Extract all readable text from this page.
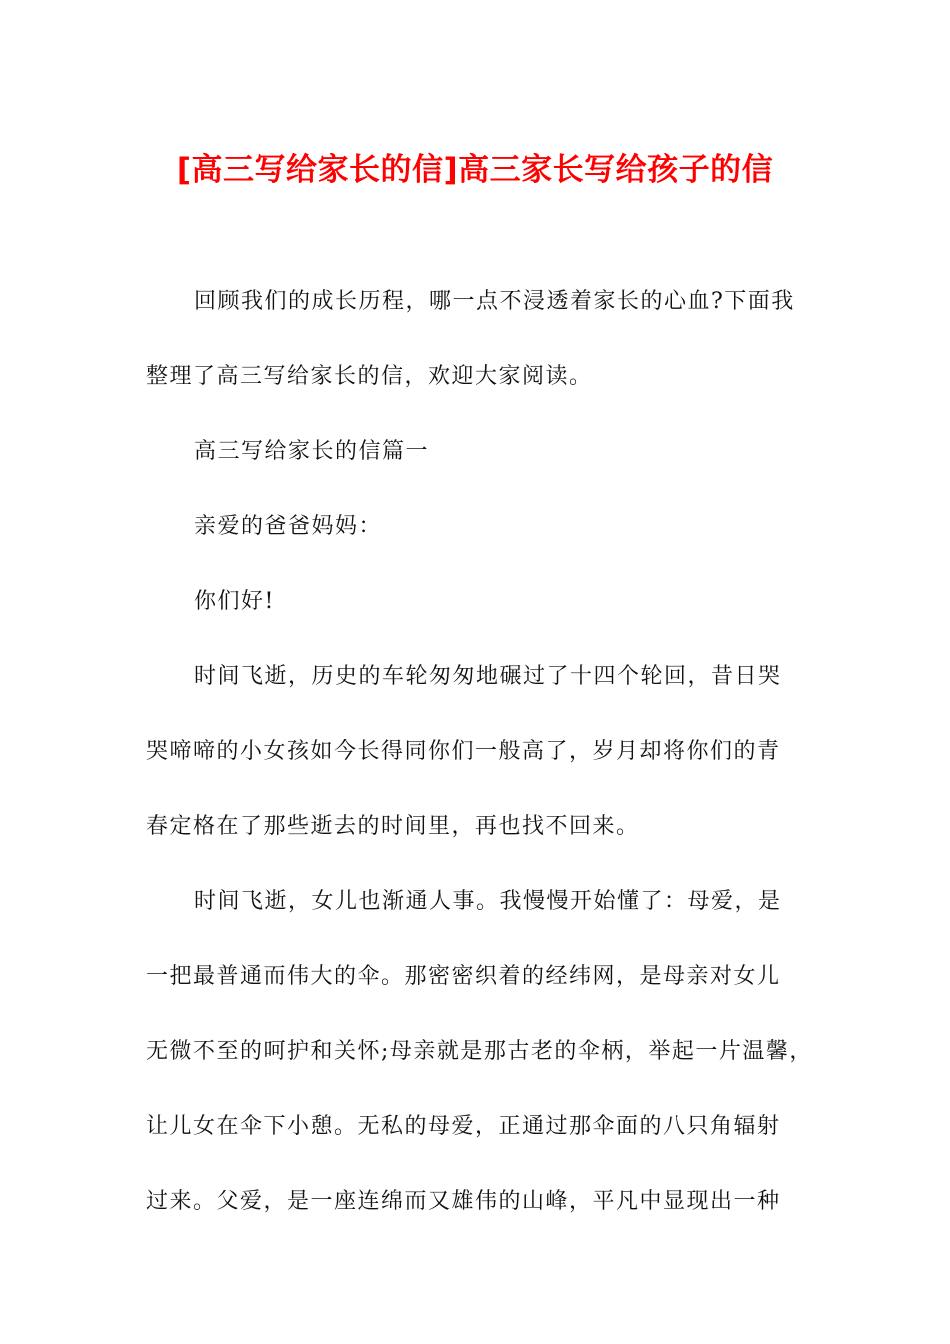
[高三写给家长的信]高三家长写给孩子的信

回顾我们的成长历程，哪一点不浸透着家长的心血?下面我

整理了高三写给家长的信，欢迎大家阅读。

高三写给家长的信篇一

亲爱的爸爸妈妈：

你们好!

时间飞逝，历史的车轮匆匆地碾过了十四个轮回，昔日哭

哭啼啼的小女孩如今长得同你们一般高了，岁月却将你们的青

春定格在了那些逝去的时间里，再也找不回来。

时间飞逝，女儿也渐通人事。我慢慢开始懂了：母爱，是

一把最普通而伟大的伞。那密密织着的经纬网，是母亲对女儿

无微不至的呵护和关怀;母亲就是那古老的伞柄，举起一片温馨，

让儿女在伞下小憩。无私的母爱，正通过那伞面的八只角辐射

过来。父爱，是一座连绵而又雄伟的山峰，平凡中显现出一种
